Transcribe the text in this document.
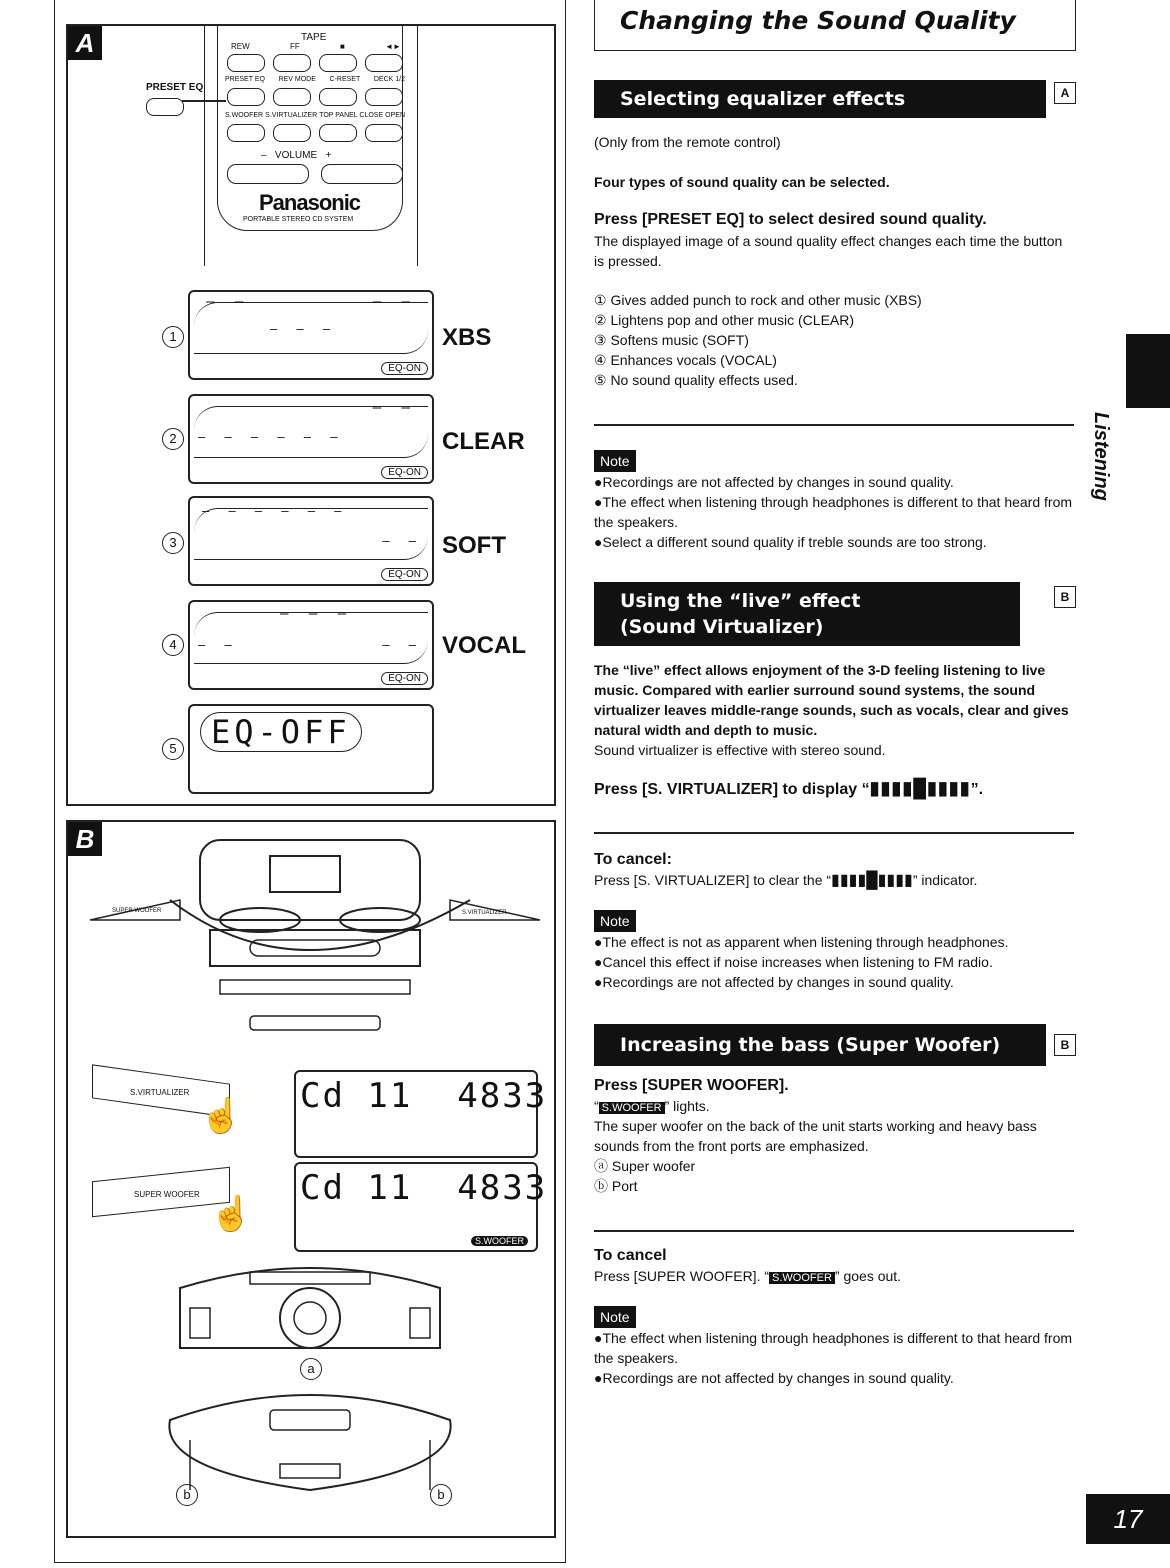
A	TAPE
REW	FF	■	◄►
PRESET EQ REV MODE C-RESET DECK 1/2
S.WOOFER S.VIRTUALIZER TOP PANEL CLOSE OPEN
–   VOLUME   +
Panasonic
PORTABLE STEREO CD SYSTEM
PRESET EQ
1
— —	— —
— — —
EQ-ON
XBS
2
— —
— — — — — —
EQ-ON
CLEAR
3
— — — — — —
— —
EQ-ON
SOFT
4
— — —
— —	— —
EQ-ON
VOCAL
5	EQ-OFF
B
SUPER WOOFER	S.VIRTUALIZER
S.VIRTUALIZER
☝ Cd 11  4833
SUPER WOOFER
☝
Cd 11  4833
S.WOOFER
a
b	b
Changing the Sound Quality
Selecting equalizer effects	A
(Only from the remote control)
Four types of sound quality can be selected.
Press [PRESET EQ] to select desired sound quality.
The displayed image of a sound quality effect changes each time the button is pressed.
① Gives added punch to rock and other music (XBS)
② Lightens pop and other music (CLEAR)
③ Softens music (SOFT)
④ Enhances vocals (VOCAL)
⑤ No sound quality effects used.
Note
●Recordings are not affected by changes in sound quality.
●The effect when listening through headphones is different to that heard from the speakers.
●Select a different sound quality if treble sounds are too strong.
Using the “live” effect
(Sound Virtualizer)
B
The “live” effect allows enjoyment of the 3-D feeling listening to live music. Compared with earlier surround sound systems, the sound virtualizer leaves middle-range sounds, such as vocals, clear and gives natural width and depth to music.
Sound virtualizer is effective with stereo sound.
Press [S. VIRTUALIZER] to display “▮▮▮▮█▮▮▮▮”.
To cancel:
Press [S. VIRTUALIZER] to clear the “▮▮▮▮█▮▮▮▮” indicator.
Note
●The effect is not as apparent when listening through headphones.
●Cancel this effect if noise increases when listening to FM radio.
●Recordings are not affected by changes in sound quality.
Increasing the bass (Super Woofer)	B
Press [SUPER WOOFER].
“ S.WOOFER ” lights.
The super woofer on the back of the unit starts working and heavy bass sounds from the front ports are emphasized.
ⓐ Super woofer
ⓑ Port
To cancel
Press [SUPER WOOFER]. “ S.WOOFER ” goes out.
Note
●The effect when listening through headphones is different to that heard from the speakers.
●Recordings are not affected by changes in sound quality.
Listening
17
